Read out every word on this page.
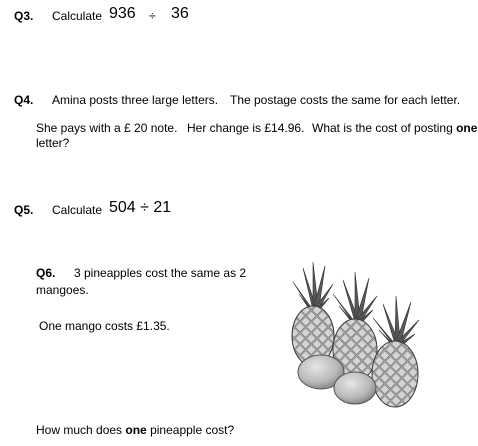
Q3. Calculate 936 ÷ 36
Q4. Amina posts three large letters. The postage costs the same for each letter.
She pays with a £ 20 note. Her change is £14.96. What is the cost of posting one
letter?
Q5. Calculate 504 ÷ 21
Q6. 3 pineapples cost the same as 2
mangoes.
One mango costs £1.35.
How much does one pineapple cost?
